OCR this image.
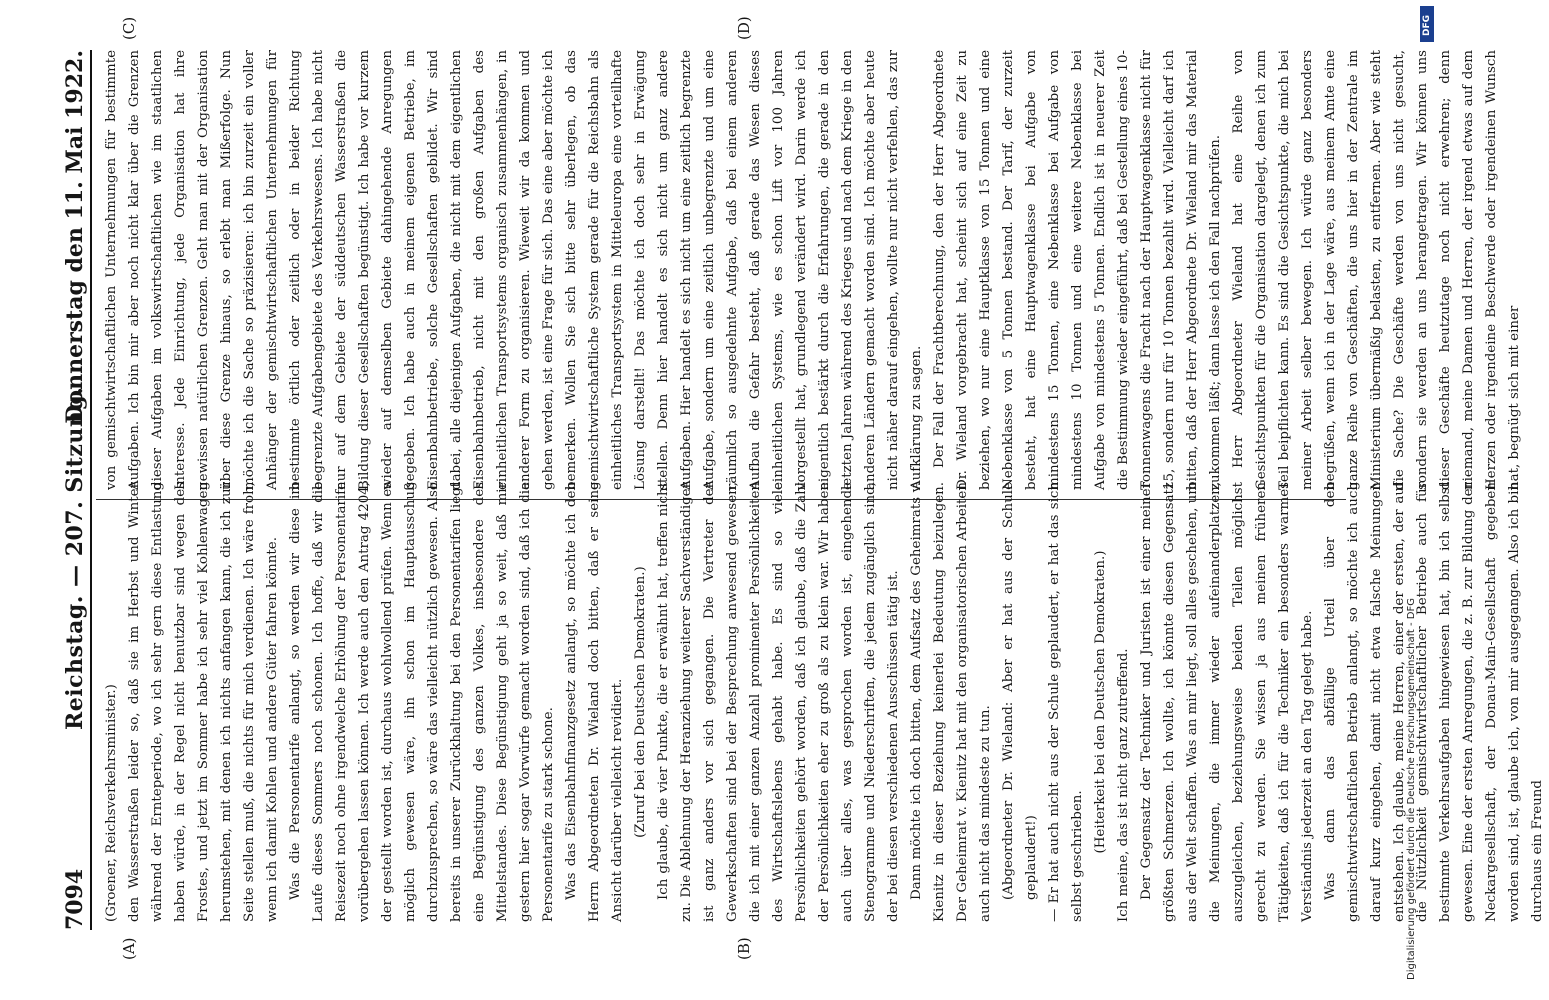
7094
Reichstag. — 207. Sitzung.
Donnerstag den 11. Mai 1922.
(A)	(B)
(C)	(D)

(Groener, Reichsverkehrsminister.) den Wasserstraßen leider so, daß sie im Herbst und Winter während der Ernteperiode, wo ich sehr gern diese Entlastung haben würde, in der Regel nicht benutzbar sind wegen des Frostes, und jetzt im Sommer habe ich sehr viel Kohlenwagen herumstehen, mit denen ich nichts anfangen kann, die ich zur Seite stellen muß, die nichts für mich verdienen. Ich wäre froh, wenn ich damit Kohlen und andere Güter fahren könnte. Was die Personentarife anlangt, so werden wir diese im Laufe dieses Sommers noch schonen. Ich hoffe, daß wir die Reisezeit noch ohne irgendwelche Erhöhung der Personentarife vorübergehen lassen können. Ich werde auch den Antrag 4204, der gestellt worden ist, durchaus wohlwollend prüfen. Wenn es möglich gewesen wäre, ihn schon im Hauptausschuß durchzusprechen, so wäre das vielleicht nützlich gewesen. Also bereits in unserer Zurückhaltung bei den Personentarifen liegt eine Begünstigung des ganzen Volkes, insbesondere des Mittelstandes. Diese Begünstigung geht ja so weit, daß mir gestern hier sogar Vorwürfe gemacht worden sind, daß ich die Personentarife zu stark schone. Was das Eisenbahnfinanzgesetz anlangt, so möchte ich den Herrn Abgeordneten Dr. Wieland doch bitten, daß er seine Ansicht darüber vielleicht revidiert. (Zuruf bei den Deutschen Demokraten.) Ich glaube, die vier Punkte, die er erwähnt hat, treffen nicht zu. Die Ablehnung der Heranziehung weiterer Sachverständiger ist ganz anders vor sich gegangen. Die Vertreter der Gewerkschaften sind bei der Besprechung anwesend gewesen, die ich mit einer ganzen Anzahl prominenter Persönlichkeiten des Wirtschaftslebens gehabt habe. Es sind so viele Persönlichkeiten gehört worden, daß ich glaube, daß die Zahl der Persönlichkeiten eher zu groß als zu klein war. Wir haben auch über alles, was gesprochen worden ist, eingehende Stenogramme und Niederschriften, die jedem zugänglich sind, der bei diesen verschiedenen Ausschüssen tätig ist. Dann möchte ich doch bitten, dem Aufsatz des Geheimrats v. Kienitz in dieser Beziehung keinerlei Bedeutung beizulegen. Der Geheimrat v. Kienitz hat mit den organisatorischen Arbeiten auch nicht das mindeste zu tun. (Abgeordneter Dr. Wieland: Aber er hat aus der Schule geplaudert!) — Er hat auch nicht aus der Schule geplaudert, er hat das sich selbst geschrieben.

(Heiterkeit bei den Deutschen Demokraten.) Ich meine, das ist nicht ganz zutreffend. Der Gegensatz der Techniker und Juristen ist einer meiner größten Schmerzen. Ich wollte, ich könnte diesen Gegensatz aus der Welt schaffen. Was an mir liegt, soll alles geschehen, um die Meinungen, die immer wieder aufeinanderplatzen, auszugleichen, beziehungsweise beiden Teilen möglichst gerecht zu werden. Sie wissen ja aus meinen früheren Tätigkeiten, daß ich für die Techniker ein besonders warmes Verständnis jederzeit an den Tag gelegt habe. Was dann das abfällige Urteil über den gemischtwirtschaftlichen Betrieb anlangt, so möchte ich auch darauf kurz eingehen, damit nicht etwa falsche Meinungen entstehen. Ich glaube, meine Herren, einer der ersten, der auf die Nützlichkeit gemischtwirtschaftlicher Betriebe auch für bestimmte Verkehrsaufgaben hingewiesen hat, bin ich selbst gewesen. Eine der ersten Anregungen, die z. B. zur Bildung der Neckargesellschaft, der Donau-Main-Gesellschaft gegeben worden sind, ist, glaube ich, von mir ausgegangen. Also ich bin durchaus ein Freund

von gemischtwirtschaftlichen Unternehmungen für bestimmte Aufgaben. Ich bin mir aber noch nicht klar über die Grenzen dieser Aufgaben im volkswirtschaftlichen wie im staatlichen Interesse. Jede Einrichtung, jede Organisation hat ihre gewissen natürlichen Grenzen. Geht man mit der Organisation über diese Grenze hinaus, so erlebt man Mißerfolge. Nun möchte ich die Sache so präzisieren: ich bin zurzeit ein voller Anhänger der gemischtwirtschaftlichen Unternehmungen für bestimmte örtlich oder zeitlich oder in beider Richtung begrenzte Aufgabengebiete des Verkehrswesens. Ich habe nicht nur auf dem Gebiete der süddeutschen Wasserstraßen die Bildung dieser Gesellschaften begünstigt. Ich habe vor kurzem wieder auf demselben Gebiete dahingehende Anregungen gegeben. Ich habe auch in meinem eigenen Betriebe, im Eisenbahnbetriebe, solche Gesellschaften gebildet. Wir sind dabei, alle diejenigen Aufgaben, die nicht mit dem eigentlichen Eisenbahnbetrieb, nicht mit den großen Aufgaben des einheitlichen Transportsystems organisch zusammenhängen, in anderer Form zu organisieren. Wieweit wir da kommen und gehen werden, ist eine Frage für sich. Das eine aber möchte ich bemerken. Wollen Sie sich bitte sehr überlegen, ob das gemischtwirtschaftliche System gerade für die Reichsbahn als einheitliches Transportsystem in Mitteleuropa eine vorteilhafte Lösung darstellt! Das möchte ich doch sehr in Erwägung stellen. Denn hier handelt es sich nicht um ganz andere Aufgaben. Hier handelt es sich nicht um eine zeitlich begrenzte Aufgabe, sondern um eine zeitlich unbegrenzte und um eine räumlich so ausgedehnte Aufgabe, daß bei einem anderen Aufbau die Gefahr besteht, daß gerade das Wesen dieses einheitlichen Systems, wie es schon Lift vor 100 Jahren vorgestellt hat, grundlegend verändert wird. Darin werde ich eigentlich bestärkt durch die Erfahrungen, die gerade in den letzten Jahren während des Krieges und nach dem Kriege in den anderen Ländern gemacht worden sind. Ich möchte aber heute nicht näher darauf eingehen, wollte nur nicht verfehlen, das zur Aufklärung zu sagen. Der Fall der Frachtberechnung, den der Herr Abgeordnete Dr. Wieland vorgebracht hat, scheint sich auf eine Zeit zu beziehen, wo nur eine Hauptklasse von 15 Tonnen und eine Nebenklasse von 5 Tonnen bestand. Der Tarif, der zurzeit besteht, hat eine Hauptwagenklasse bei Aufgabe von mindestens 15 Tonnen, eine Nebenklasse bei Aufgabe von mindestens 10 Tonnen und eine weitere Nebenklasse bei Aufgabe von mindestens 5 Tonnen. Endlich ist in neuerer Zeit die Bestimmung wieder eingeführt, daß bei Gestellung eines 10-Tonnenwagens die Fracht nach der Hauptwagenklasse nicht für 15, sondern nur für 10 Tonnen bezahlt wird. Vielleicht darf ich bitten, daß der Herr Abgeordnete Dr. Wieland mir das Material zukommen läßt; dann lasse ich den Fall nachprüfen. Herr Abgeordneter Wieland hat eine Reihe von Gesichtspunkten für die Organisation dargelegt, denen ich zum Teil beipflichten kann. Es sind die Gesichtspunkte, die mich bei meiner Arbeit selber bewegen. Ich würde ganz besonders begrüßen, wenn ich in der Lage wäre, aus meinem Amte eine ganze Reihe von Geschäften, die uns hier in der Zentrale im Ministerium übermäßig belasten, zu entfernen. Aber wie steht die Sache? Die Geschäfte werden von uns nicht gesucht, sondern sie werden an uns herangetragen. Wir können uns dieser Geschäfte heutzutage noch nicht erwehren; denn niemand, meine Damen und Herren, der irgend etwas auf dem Herzen oder irgendeine Beschwerde oder irgendeinen Wunsch hat, begnügt sich mit einer

Digitalisierung gefördert durch die Deutsche Forschungsgemeinschaft - DFG
DFG
